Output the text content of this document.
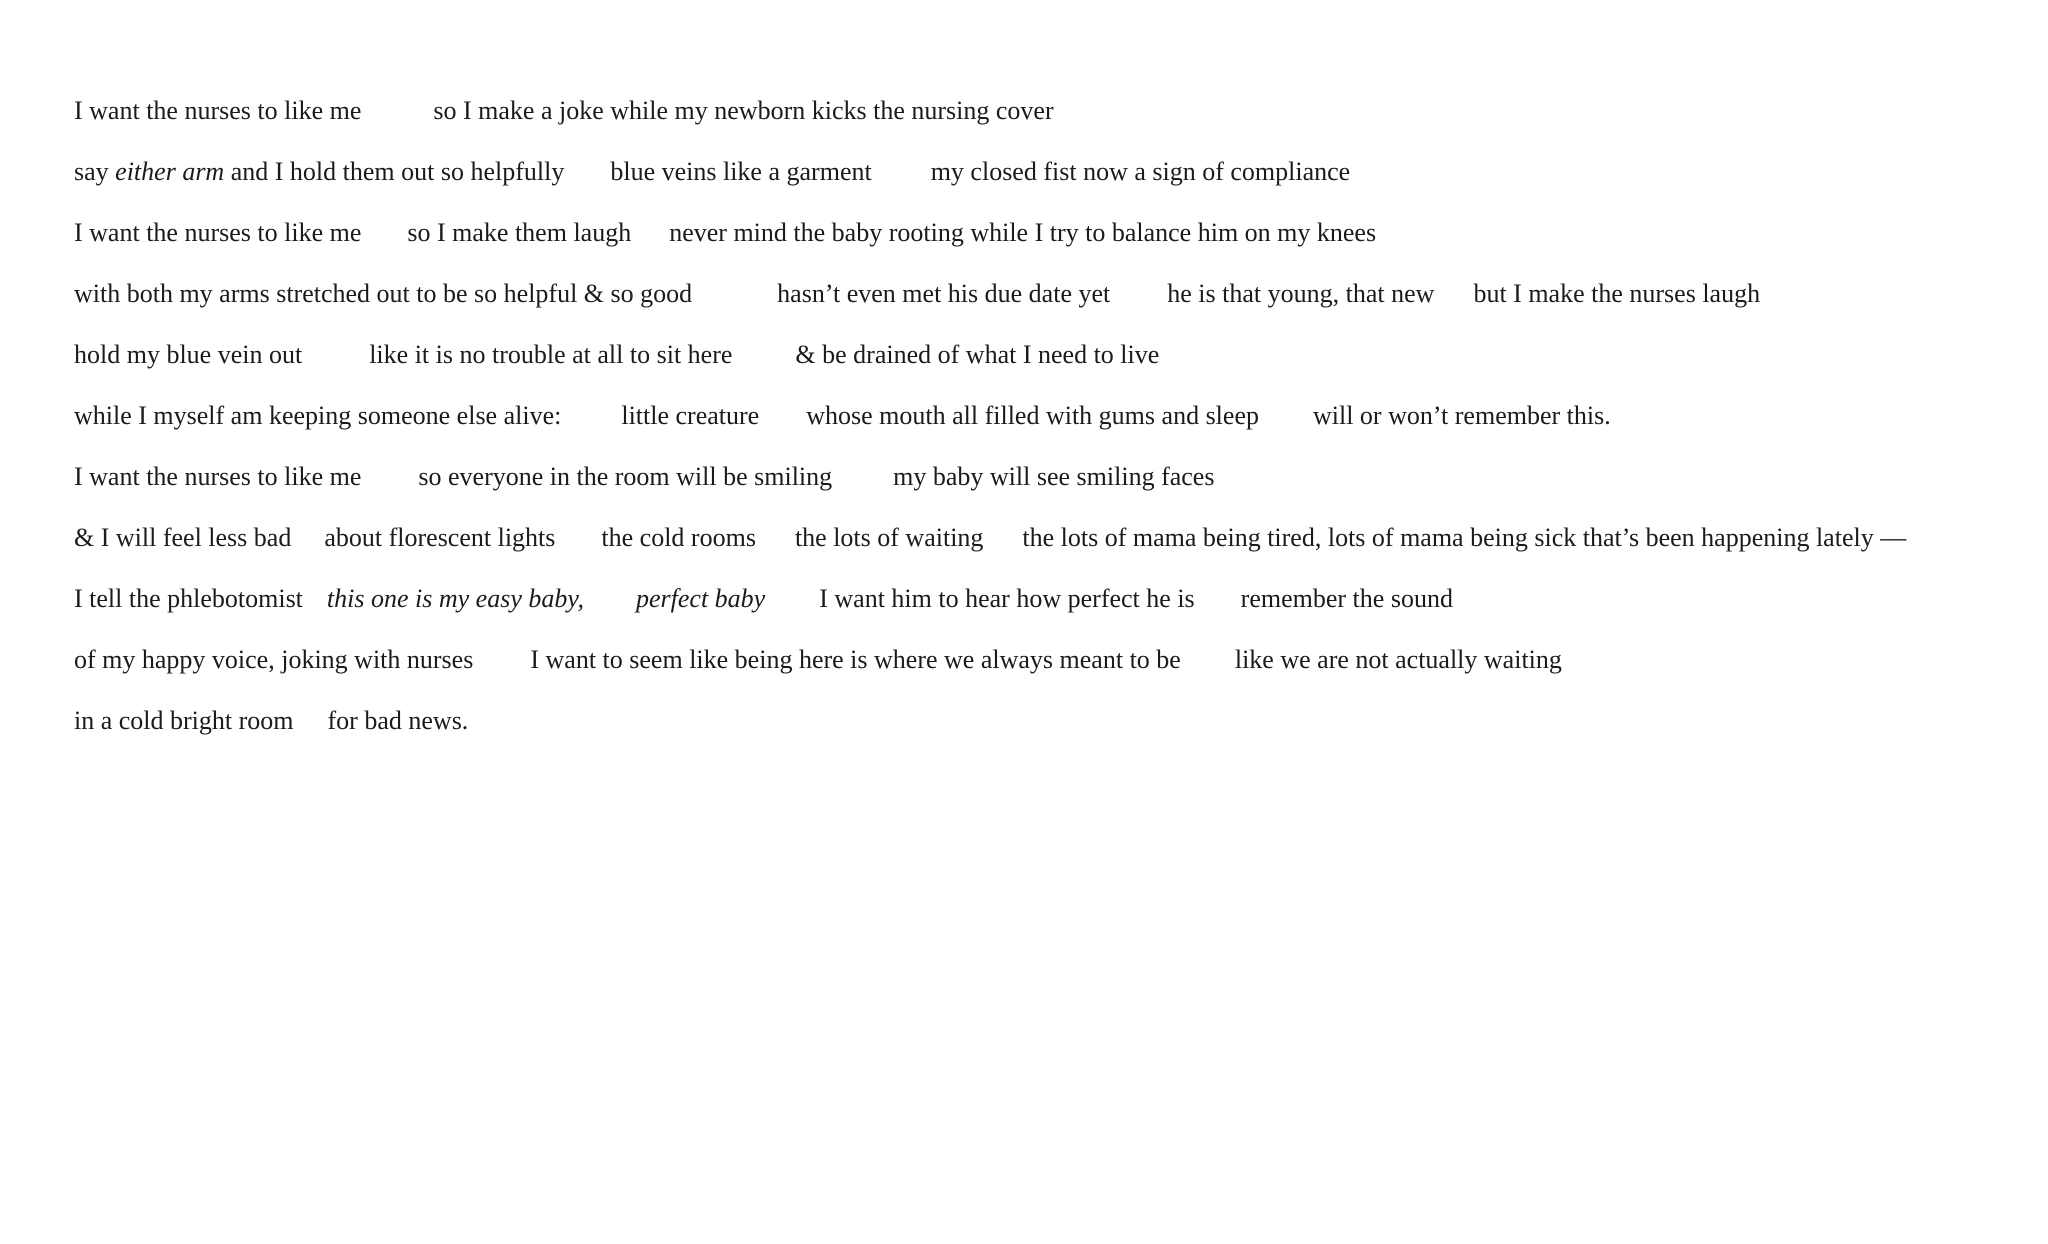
I want the nurses to like me	so I make a joke while my newborn kicks the nursing cover
say either arm and I hold them out so helpfully blue veins like a garment my closed fist now a sign of compliance
I want the nurses to like me so I make them laugh never mind the baby rooting while I try to balance him on my knees
with both my arms stretched out to be so helpful & so good	hasn’t even met his due date yet he is that young, that new but I make the nurses laugh
hold my blue vein out	like it is no trouble at all to sit here & be drained of what I need to live
while I myself am keeping someone else alive: little creature whose mouth all filled with gums and sleep will or won’t remember this.
I want the nurses to like me so everyone in the room will be smiling my baby will see smiling faces
& I will feel less bad about florescent lights the cold rooms the lots of waiting the lots of mama being tired, lots of mama being sick that’s been happening lately —
I tell the phlebotomist this one is my easy baby, perfect baby I want him to hear how perfect he is remember the sound
of my happy voice, joking with nurses I want to seem like being here is where we always meant to be like we are not actually waiting
in a cold bright room for bad news.
